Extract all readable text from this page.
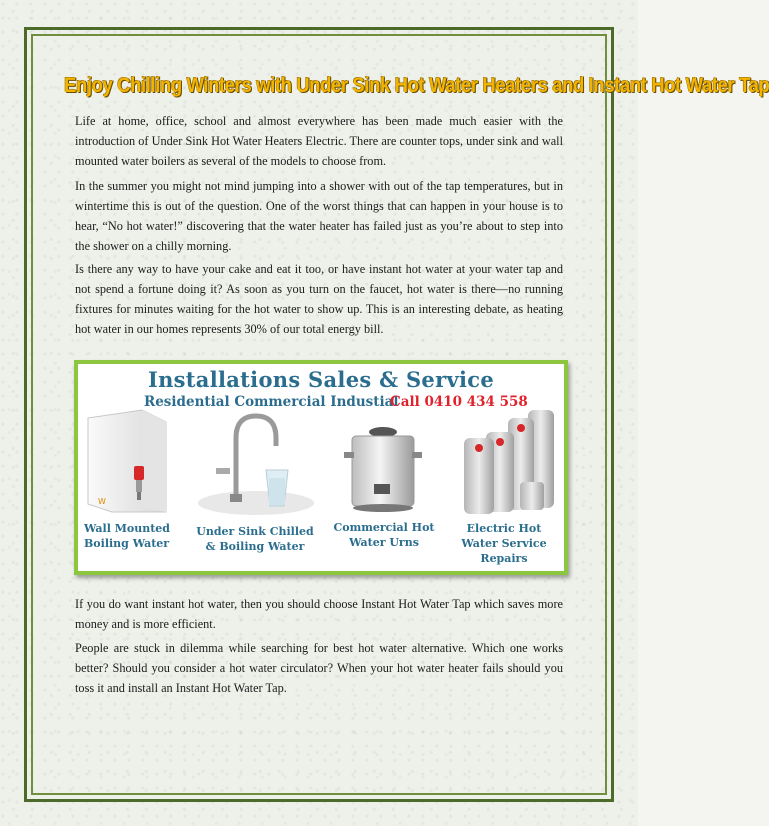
Enjoy Chilling Winters with Under Sink Hot Water Heaters and Instant Hot Water Tap

Life at home, office, school and almost everywhere has been made much easier with the introduction of Under Sink Hot Water Heaters Electric. There are counter tops, under sink and wall mounted water boilers as several of the models to choose from.

In the summer you might not mind jumping into a shower with out of the tap temperatures, but in wintertime this is out of the question. One of the worst things that can happen in your house is to hear, “No hot water!” discovering that the water heater has failed just as you’re about to step into the shower on a chilly morning.

Is there any way to have your cake and eat it too, or have instant hot water at your water tap and not spend a fortune doing it? As soon as you turn on the faucet, hot water is there—no running fixtures for minutes waiting for the hot water to show up. This is an interesting debate, as heating hot water in our homes represents 30% of our total energy bill.

Installations Sales & Service
Residential Commercial Industial
Call 0410 434 558
W
Wall Mounted Boiling Water
Under Sink Chilled & Boiling Water
Commercial Hot Water Urns
Electric Hot Water Service Repairs

If you do want instant hot water, then you should choose Instant Hot Water Tap which saves more money and is more efficient.

People are stuck in dilemma while searching for best hot water alternative. Which one works better? Should you consider a hot water circulator? When your hot water heater fails should you toss it and install an Instant Hot Water Tap.
